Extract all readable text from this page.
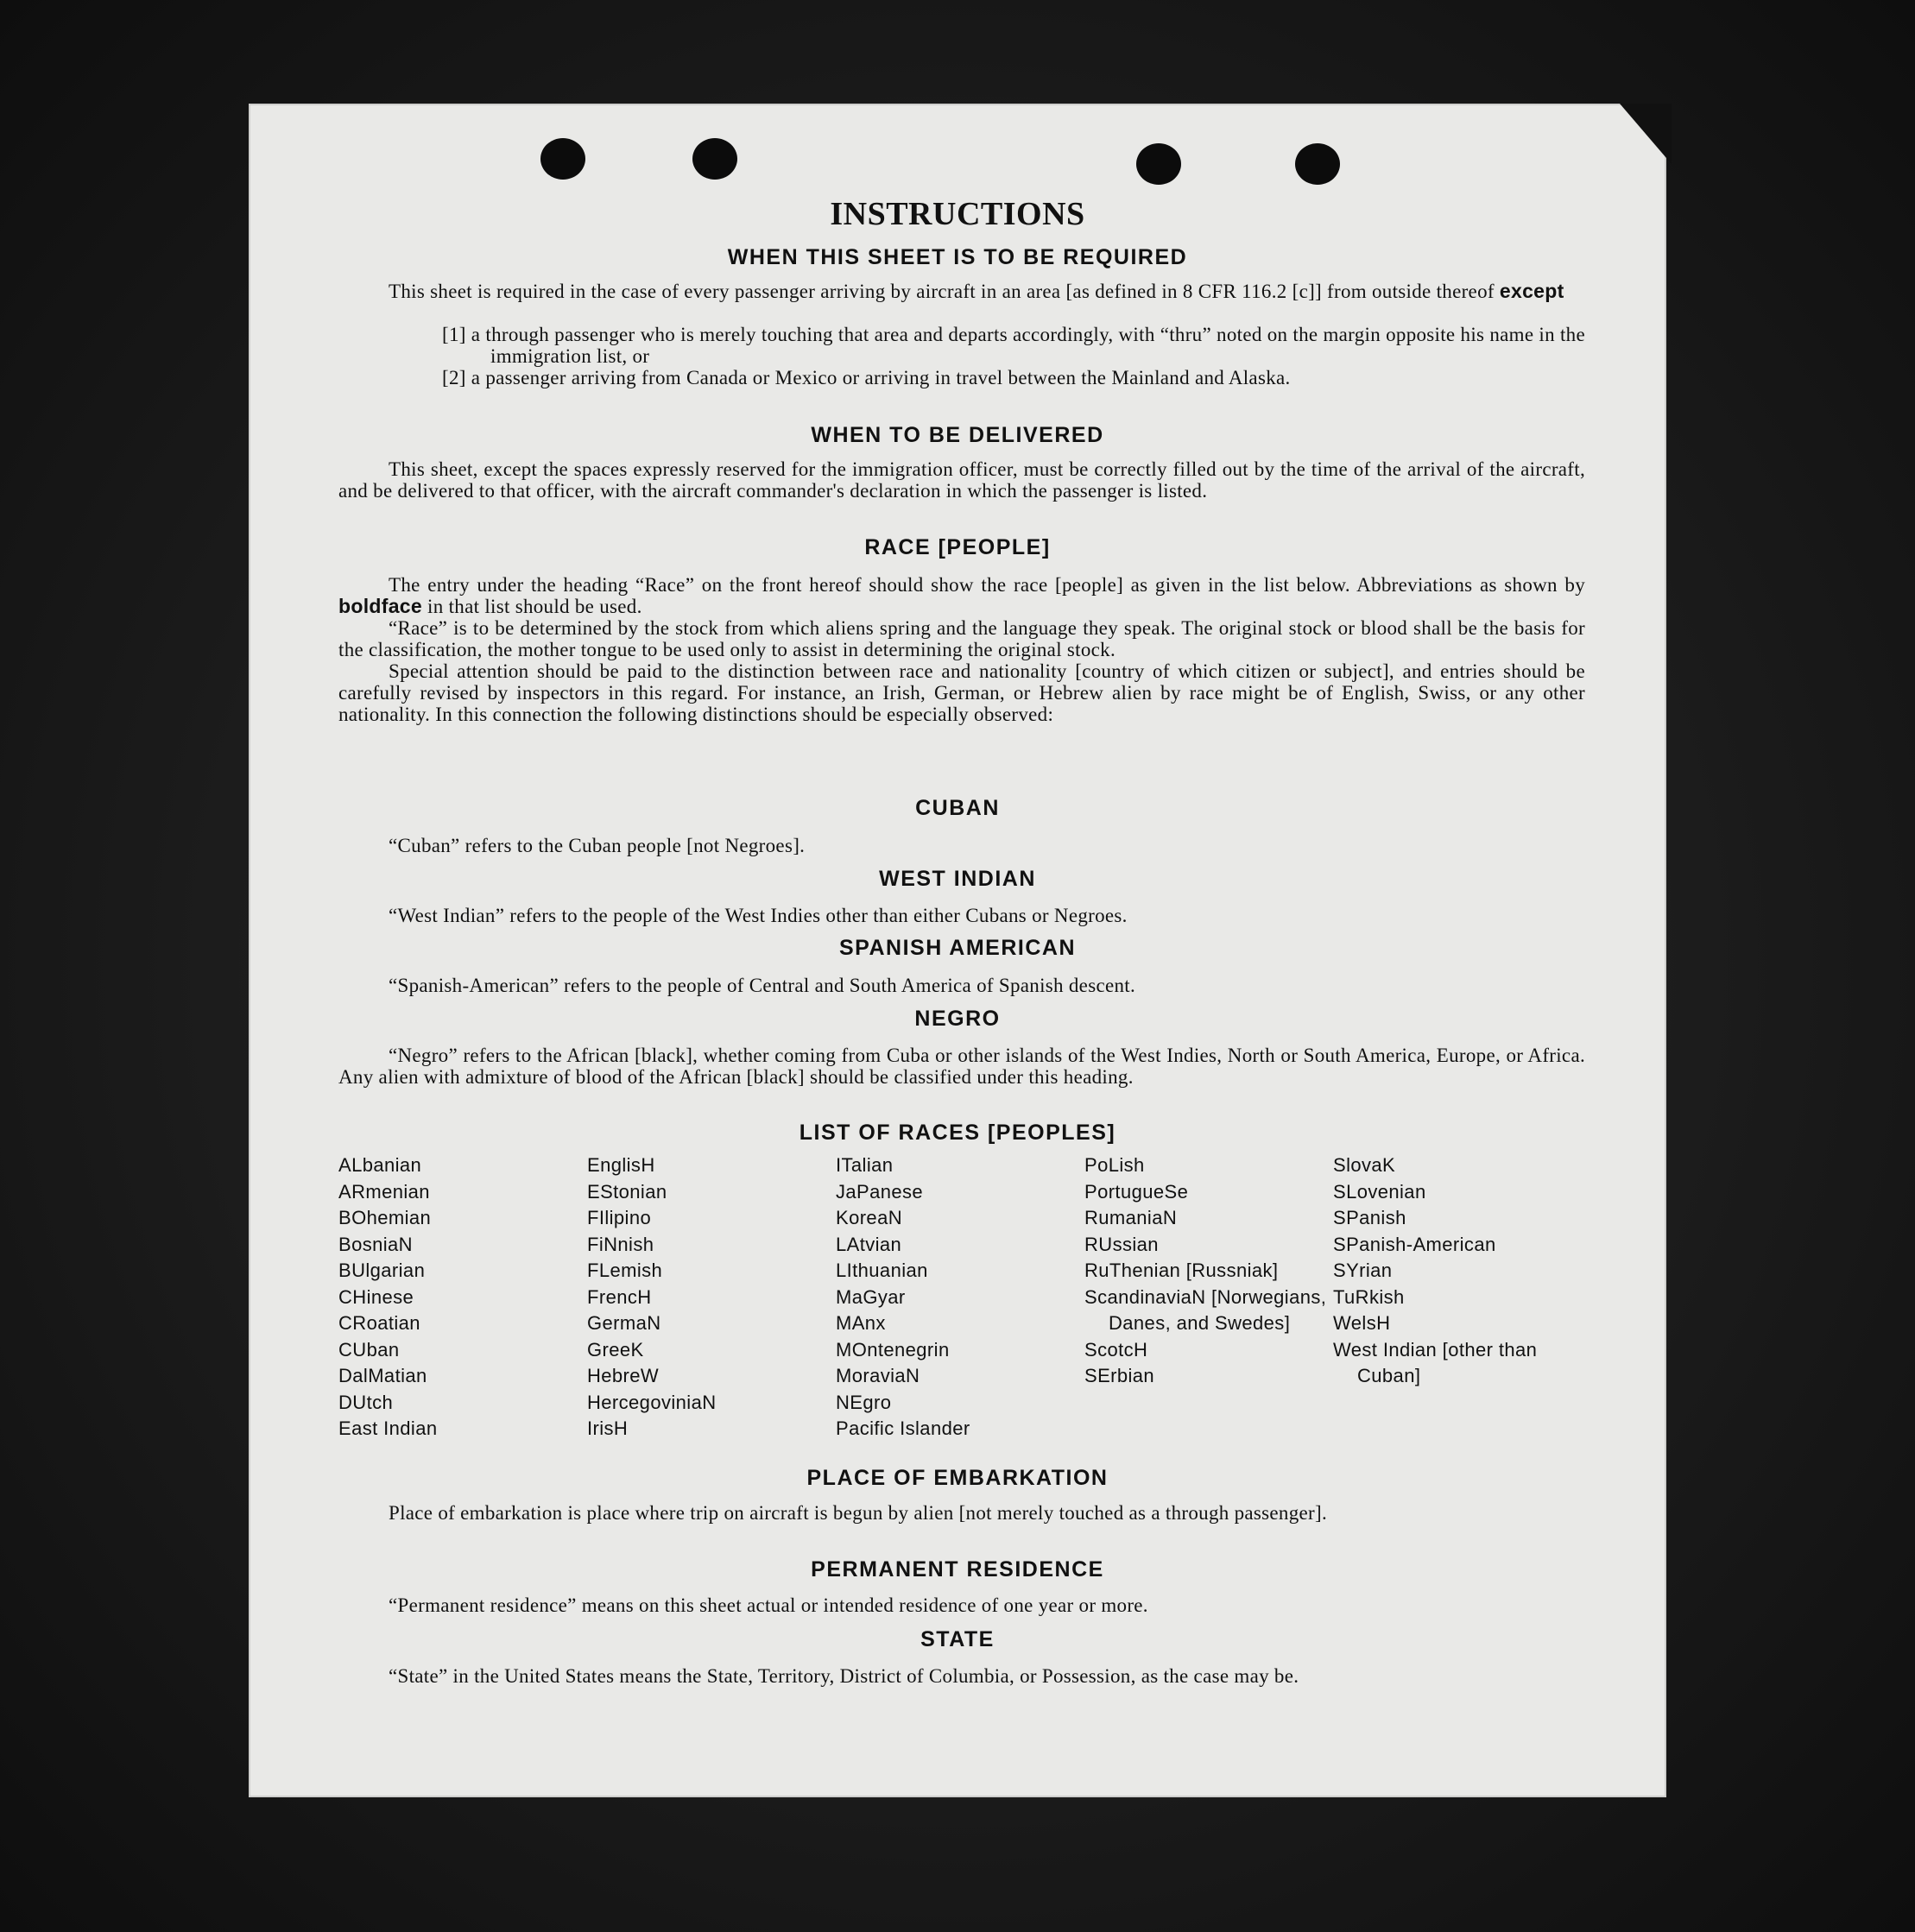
INSTRUCTIONS
WHEN THIS SHEET IS TO BE REQUIRED

This sheet is required in the case of every passenger arriving by aircraft in an area [as defined in 8 CFR 116.2 [c]] from outside thereof except

[1] a through passenger who is merely touching that area and departs accordingly, with “thru” noted on the margin opposite his name in the immigration list, or
[2] a passenger arriving from Canada or Mexico or arriving in travel between the Mainland and Alaska.
WHEN TO BE DELIVERED

This sheet, except the spaces expressly reserved for the immigration officer, must be correctly filled out by the time of the arrival of the aircraft, and be delivered to that officer, with the aircraft commander's declaration in which the passenger is listed.

RACE [PEOPLE]

The entry under the heading “Race” on the front hereof should show the race [people] as given in the list below. Abbreviations as shown by boldface in that list should be used.

“Race” is to be determined by the stock from which aliens spring and the language they speak. The original stock or blood shall be the basis for the classification, the mother tongue to be used only to assist in determining the original stock.

Special attention should be paid to the distinction between race and nationality [country of which citizen or subject], and entries should be carefully revised by inspectors in this regard. For instance, an Irish, German, or Hebrew alien by race might be of English, Swiss, or any other nationality. In this connection the following distinctions should be especially observed:

CUBAN

“Cuban” refers to the Cuban people [not Negroes].

WEST INDIAN

“West Indian” refers to the people of the West Indies other than either Cubans or Negroes.

SPANISH AMERICAN

“Spanish-American” refers to the people of Central and South America of Spanish descent.

NEGRO

“Negro” refers to the African [black], whether coming from Cuba or other islands of the West Indies, North or South America, Europe, or Africa. Any alien with admixture of blood of the African [black] should be classified under this heading.

LIST OF RACES [PEOPLES]
ALbanian
ARmenian
BOhemian
BosniaN
BUlgarian
CHinese
CRoatian
CUban
DalMatian
DUtch
East Indian
EnglisH
EStonian
FIlipino
FiNnish
FLemish
FrencH
GermaN
GreeK
HebreW
HercegoviniaN
IrisH
ITalian
JaPanese
KoreaN
LAtvian
LIthuanian
MaGyar
MAnx
MOntenegrin
MoraviaN
NEgro
Pacific Islander
PoLish
PortugueSe
RumaniaN
RUssian
RuThenian [Russniak]
ScandinaviaN [Norwegians, Danes, and Swedes]
ScotcH
SErbian
SlovaK
SLovenian
SPanish
SPanish-American
SYrian
TuRkish
WelsH
West Indian [other than Cuban]
PLACE OF EMBARKATION

Place of embarkation is place where trip on aircraft is begun by alien [not merely touched as a through passenger].

PERMANENT RESIDENCE

“Permanent residence” means on this sheet actual or intended residence of one year or more.

STATE

“State” in the United States means the State, Territory, District of Columbia, or Possession, as the case may be.
